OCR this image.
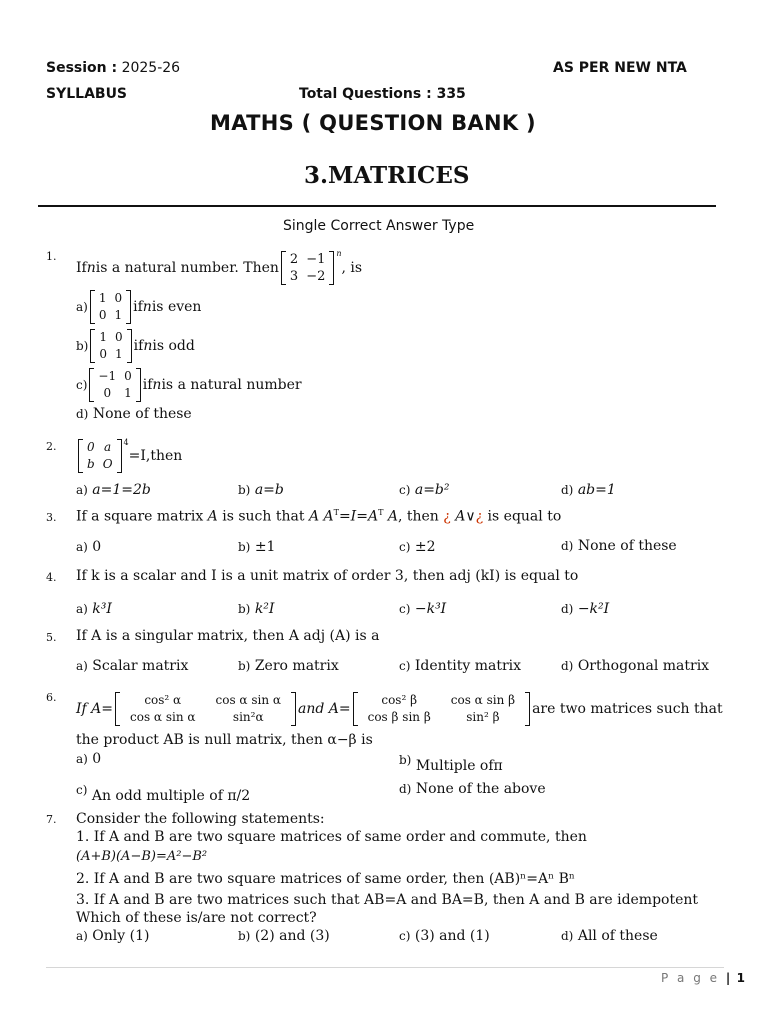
Session : 2025-26	AS PER NEW NTA
SYLLABUS	Total Questions : 335
MATHS ( QUESTION BANK )
3.MATRICES
Single Correct Answer Type
1.
If n is a natural number. Then
2	−1
3	−2
$^n$
, is
a)
1	0
0	1 if n is even
b)
1	0
0	1 if n is odd
c)
−1	0
0	1 if n is a natural number
d) None of these
2.	0	a
b	O
$^4$
=I,then
a) a=1=2b	b) a=b	c) a=b²	d) ab=1
3. If a square matrix A is such that A $A^T=I=A^T$ A, then ¿ A∨¿ is equal to
a) 0	b) ±1	c) ±2	d) None of these
4. If k is a scalar and I is a unit matrix of order 3, then adj (kI) is equal to
a) k³I	b) k²I	c) −k³I	d) −k²I
5. If A is a singular matrix, then A adj (A) is a
a) Scalar matrix	b) Zero matrix	c) Identity matrix	d) Orthogonal matrix
6.
If A=
cos² α	cos α sin α
cos α sin α	sin²α and A=
cos² β	cos α sin β
cos β sin β	sin² β are two matrices such that
the product AB is null matrix, then α−β is
a) 0	b) Multiple ofπ
c) An odd multiple of π/2	d) None of the above
7. Consider the following statements:
1. If A and B are two square matrices of same order and commute, then
(A+B)(A−B)=A²−B²
2. If A and B are two square matrices of same order, then (AB)ⁿ=Aⁿ Bⁿ
3. If A and B are two matrices such that AB=A and BA=B, then A and B are idempotent
Which of these is/are not correct?
a) Only (1)	b) (2) and (3)	c) (3) and (1)	d) All of these
P a g e | 1
